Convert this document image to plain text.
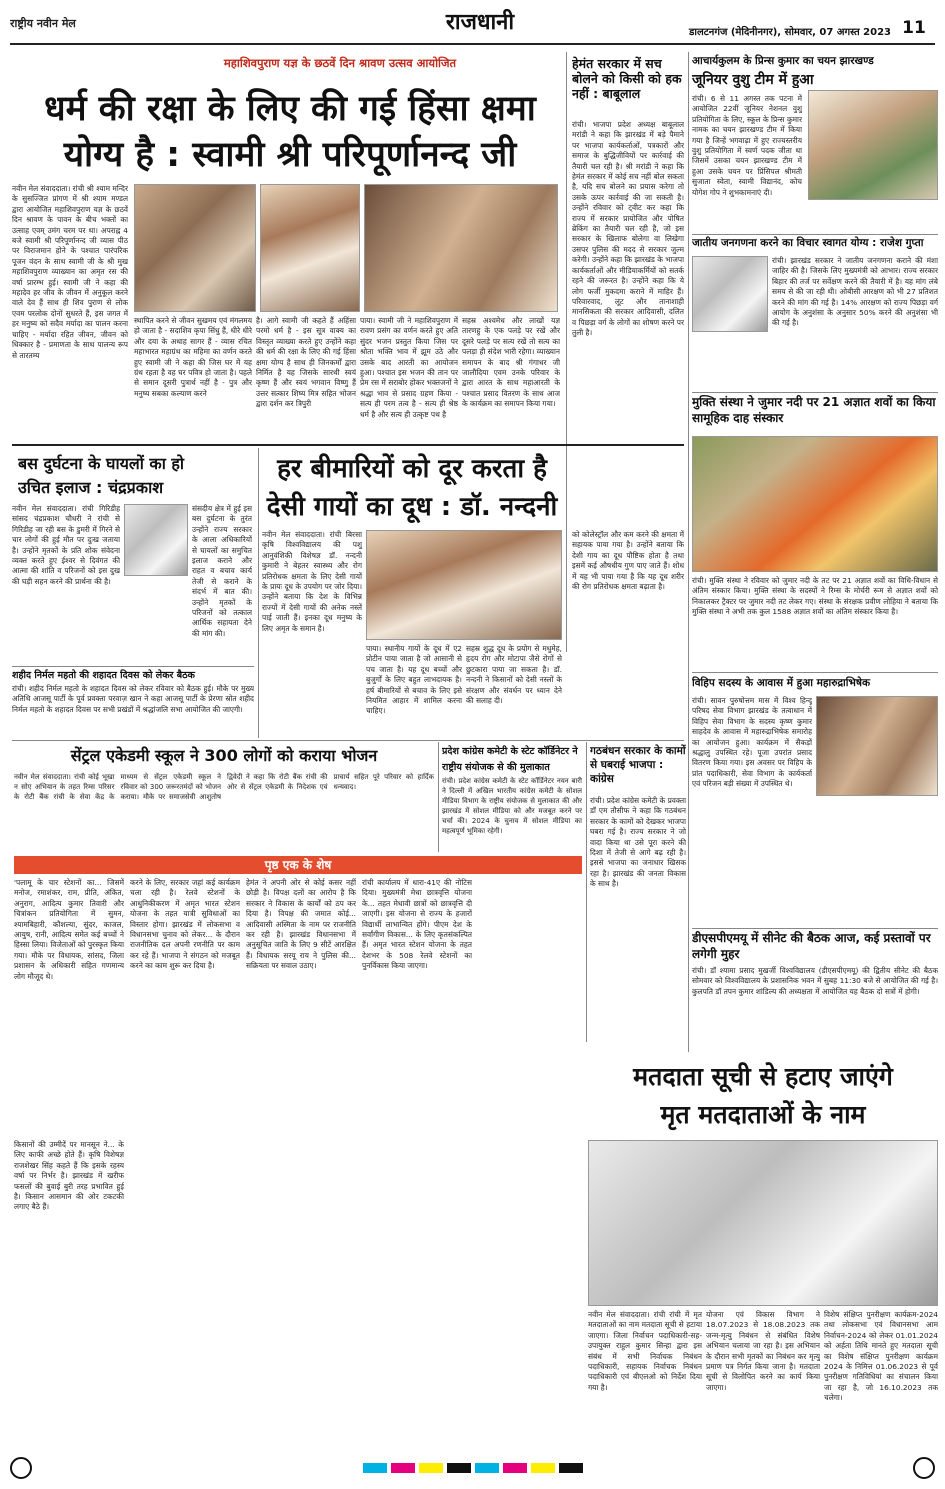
राष्ट्रीय नवीन मेल	राजधानी	डालटनगंज (मेदिनीनगर), सोमवार, 07 अगस्त 2023 11
महाशिवपुराण यज्ञ के छठवें दिन श्रावण उत्सव आयोजित
धर्म की रक्षा के लिए की गई हिंसा क्षमा
योग्य है : स्वामी श्री परिपूर्णानन्द जी
नवीन मेल संवाददाता। रांची श्री श्याम मन्दिर के सुसज्जित प्रांगण में श्री श्याम मण्डल द्वारा आयोजित महाशिवपुराण यज्ञ के छठवें दिन श्रावण के पावन के बीच भक्तों का उत्साह एवम् उमंग चरम पर था। अपराह्न 4 बजे स्वामी श्री परिपूर्णानन्द जी व्यास पीठ पर विराजमान होने के पश्चात पारंपरिक पूजन वंदन के साथ स्वामी जी के श्री मुख महाशिवपुराण व्याख्यान का अमृत रस की वर्षा प्रारम्भ हुई। स्वामी जी ने कहा की महादेव हर जीव के जीवन में अनुकूल करने वाले देव हैं साथ ही शिव पुराण से लोक एवम परलोक दोनों सुधरते हैं, इस जगत में हर मनुष्य को सदैव मर्यादा का पालन करना चाहिए - मर्यादा रहित जीवन, जीवन को धिक्कार है - प्रमाणता के साथ पालन्य रूप से तारतम्य
स्थापित करने से जीवन सुखमय एवं मंगलमय हो जाता है - सदाशिव कृपा सिंधु हैं, धीरे धीरे और दया के अथाह सागर हैं - व्यास रचित महाभारत महाग्रंथ का महिमा का वर्णन करते हुए स्वामी जी ने कहा की जिस घर में यह ग्रंथ रहता है वह घर पवित्र हो जाता है। पहले से समान दूसरी पुत्रार्थ नहीं है - पुत्र और मनुष्य सबका कल्याण करने
है। आगे स्वामी जी कहते हैं अहिंसा परमो धर्म है - इस सूत्र वाक्य का विस्तृत व्याख्या करते हुए उन्होंने कहा की धर्म की रक्षा के लिए की गई हिंसा क्षमा योग्य है साथ ही जिनकर्मों द्वारा निर्मित है यह जिसके सारथी स्वयं कृष्ण हैं और स्वयं भगवान विष्णु हैं उत्तर सत्कार शिष्य मित्र सहित भोजन द्वारा दर्शन कर त्रिपुरी
पाया। स्वामी जी ने महाशिवपुराण में रावण प्रसंग का वर्णन करते हुए अति सुंदर भजन प्रस्तुत किया जिस पर श्रोता भक्ति भाव में झूम उठे और उसके बाद आरती का आयोजन हुआ। पश्चात इस भजन की तान पर प्रेम रस में सराबोर होकर भक्तजनों ने श्रद्धा भाव से प्रसाद ग्रहण किया - सत्य ही परम तत्व है - सत्य ही श्रेष्ठ धर्म है और सत्य ही उत्कृष्ट पथ है
सहस्र अश्वमेध और लाखों यज्ञ तारणहु के एक पलड़े पर रखें और दूसरे पलड़े पर सत्य रखें तो सत्य का पलड़ा ही संदेश भारी रहेगा। व्याख्यान समापन के बाद श्री गंगाधर जी जालौदिया एवम उनके परिवार के द्वारा आरत के साथ महाआरती के पश्चात प्रसाद वितरण के साथ आज के कार्यक्रम का समापन किया गया।
हेमंत सरकार में सच बोलने को किसी को हक नहीं : बाबूलाल
रांची। भाजपा प्रदेश अध्यक्ष बाबूलाल मरांडी ने कहा कि झारखंड में बड़े पैमाने पर भाजपा कार्यकर्ताओं, पत्रकारों और समाज के बुद्धिजीवियों पर कार्रवाई की तैयारी चल रही है। श्री मरांडी ने कहा कि हेमंत सरकार में कोई सच नहीं बोल सकता है, यदि सच बोलने का प्रयास करेगा तो उसके ऊपर कार्रवाई की जा सकती है। उन्होंने रविवार को ट्वीट कर कहा कि राज्य में सरकार प्रायोजित और पोषित ब्रेकिंग का तैयारी चल रही है, जो इस सरकार के खिलाफ बोलेगा वा लिखेगा उसपर पुलिस की मदद से सरकार जुल्म करेगी। उन्होंने कहा कि झारखंड के भाजपा कार्यकर्ताओं और मीडियाकर्मियों को सतर्क रहने की जरूरत है। उन्होंने कहा कि ये लोग फर्जी मुकदमा कराने में माहिर हैं। परिवारवाद, लूट और तानाशाही मानसिकता की सरकार आदिवासी, दलित व पिछड़ा वर्ग के लोगों का शोषण करने पर तुली है।
आचार्यकुलम के प्रिन्स कुमार का चयन झारखण्ड
जूनियर वुशु टीम में हुआ
रांची। 6 से 11 अगस्त तक पटना में आयोजित 22वीं जूनियर नेशनल वुशु प्रतियोगिता के लिए, स्कूल के प्रिन्स कुमार नामक का चयन झारखण्ड टीम में किया गया है जिन्हें भगवाढ़ा में हुए राज्यस्तरीय वुशु प्रतियोगिता में स्वर्ण पदक जीता था जिसमें उसका चयन झारखण्ड टीम में हुआ उसके चयन पर प्रिंसिपल श्रीमती सुजाता स्वेता, स्वामी विद्यानंद, कोच योगेश गोप ने शुभकामनाएं दी।
जातीय जनगणना करने का विचार स्वागत योग्य : राजेश गुप्ता
रांची। झारखंड सरकार ने जातीय जनगणना कराने की मंशा जाहिर की है। जिसके लिए मुख्यमंत्री को आभार। राज्य सरकार बिहार की तर्ज पर सर्वेक्षण करने की तैयारी में है। यह मांग लंबे समय से की जा रही थी। ओबीसी आरक्षण को भी 27 प्रतिशत करने की मांग की गई है। 14% आरक्षण को राज्य पिछड़ा वर्ग आयोग के अनुशंसा के अनुसार 50% करने की अनुशंसा भी की गई है।
मुक्ति संस्था ने जुमार नदी पर 21 अज्ञात शवों का किया सामूहिक दाह संस्कार
रांची। मुक्ति संस्था ने रविवार को जुमार नदी के तट पर 21 अज्ञात शवों का विधि-विधान से अंतिम संस्कार किया। मुक्ति संस्था के सदस्यों ने रिम्स के मोर्चरी रूम से अज्ञात शवों को निकालकर ट्रैक्टर पर जुमार नदी तट लेकर गए। संस्था के संरक्षक प्रवीण लोहिया ने बताया कि मुक्ति संस्था ने अभी तक कुल 1588 अज्ञात शवों का अंतिम संस्कार किया है।
विहिप सदस्य के आवास में हुआ महारुद्राभिषेक
रांची। सावन पुरुषोत्तम मास में विश्व हिन्दू परिषद सेवा विभाग झारखंड के तत्वाधान में विहिप सेवा विभाग के सदस्य कृष्ण कुमार साहदेव के आवास में महारुद्राभिषेक समारोह का आयोजन हुआ। कार्यक्रम में सैकड़ों श्रद्धालु उपस्थित रहे। पूजा उपरांत प्रसाद वितरण किया गया। इस अवसर पर विहिप के प्रांत पदाधिकारी, सेवा विभाग के कार्यकर्ता एवं परिजन बड़ी संख्या में उपस्थित थे।
डीएसपीएमयू में सीनेट की बैठक आज, कई प्रस्तावों पर लगेगी मुहर
रांची। डॉ श्यामा प्रसाद मुखर्जी विश्वविद्यालय (डीएसपीएमयू) की द्वितीय सीनेट की बैठक सोमवार को विश्वविद्यालय के प्रशासनिक भवन में सुबह 11:30 बजे से आयोजित की गई है। कुलपति डॉ तपन कुमार शांडिल्य की अध्यक्षता में आयोजित यह बैठक दो सत्रों में होगी।
बस दुर्घटना के घायलों का हो
उचित इलाज : चंद्रप्रकाश
नवीन मेल संवाददाता। रांची गिरिडीह सांसद चंद्रप्रकाश चौधरी ने रांची से गिरिडीह जा रही बस के डुमरी में गिरने से चार लोगों की हुई मौत पर दुःख जताया है। उन्होंने मृतकों के प्रति शोक संवेदना व्यक्त करते हुए ईश्वर से दिवंगत की आत्मा की शांति व परिजनों को इस दुख की घड़ी सहन करने की प्रार्थना की है।
संसदीय क्षेत्र में हुई इस बस दुर्घटना के तुरंत उन्होंने राज्य सरकार के आला अधिकारियों से घायलों का समुचित इलाज कराने और राहत व बचाव कार्य तेजी से कराने के संदर्भ में बात की। उन्होंने मृतकों के परिजनों को तत्काल आर्थिक सहायता देने की मांग की।
शहीद निर्मल महतो की शहादत दिवस को लेकर बैठक
रांची। शहीद निर्मल महतो के शहादत दिवस को लेकर रविवार को बैठक हुई। मौके पर मुख्य अतिथि आजसू पार्टी के पूर्व प्रवक्ता परवाज़ खान ने कहा आजसू पार्टी के प्रेरणा स्रोत शहीद निर्मल महतो के शहादत दिवस पर सभी प्रखंडों में श्रद्धांजलि सभा आयोजित की जाएगी।
हर बीमारियों को दूर करता है
देसी गायों का दूध : डॉ. नन्दनी
नवीन मेल संवाददाता। रांची बिरसा कृषि विश्वविद्यालय की पशु आनुवंशिकी विशेषज्ञ डॉ. नन्दनी कुमारी ने बेहतर स्वास्थ्य और रोग प्रतिरोधक क्षमता के लिए देसी गायों के प्रायः दूध के उपयोग पर जोर दिया। उन्होंने बताया कि देश के विभिन्न राज्यों में देसी गायों की अनेक नस्लें पाई जाती हैं। इनका दूध मनुष्य के लिए अमृत के समान है।
पाया। स्थानीय गायों के दूध में ए2 प्रोटीन पाया जाता है जो आसानी से पच जाता है। यह दूध बच्चों और बुजुर्गों के लिए बहुत लाभदायक है। हर्ष बीमारियों से बचाव के लिए इसे नियमित आहार में शामिल करना चाहिए।
सहस्र शुद्ध दूध के प्रयोग से मधुमेह, हृदय रोग और मोटापा जैसे रोगों से छुटकारा पाया जा सकता है। डॉ. नन्दनी ने किसानों को देसी नस्लों के संरक्षण और संवर्धन पर ध्यान देने की सलाह दी।
को कोलेस्ट्रॉल और कम करने की क्षमता में सहायक पाया गया है। उन्होंने बताया कि देशी गाय का दूध पौष्टिक होता है तथा इसमें कई औषधीय गुण पाए जाते हैं। शोध में यह भी पाया गया है कि यह दूध शरीर की रोग प्रतिरोधक क्षमता बढ़ाता है।
सेंट्रल एकेडमी स्कूल ने 300 लोगों को कराया भोजन
नवीन मेल संवाददाता। रांची कोई भूखा न सोए अभियान के तहत रिम्स परिसर के रोटी बैंक रांची के सेवा केंद्र के माध्यम से सेंट्रल एकेडमी स्कूल ने रविवार को 300 जरूरतमंदों को भोजन कराया। मौके पर समाजसेवी आशुतोष द्विवेदी ने कहा कि रोटी बैंक रांची की ओर से सेंट्रल एकेडमी के निदेशक एवं प्राचार्य सहित पूरे परिवार को हार्दिक धन्यवाद।
प्रदेश कांग्रेस कमेटी के स्टेट कॉर्डिनेटर ने
राष्ट्रीय संयोजक से की मुलाकात
रांची। प्रदेश कांग्रेस कमेटी के स्टेट कॉर्डिनेटर नयन बारी ने दिल्ली में अखिल भारतीय कांग्रेस कमेटी के सोशल मीडिया विभाग के राष्ट्रीय संयोजक से मुलाकात की और झारखंड में सोशल मीडिया को और मजबूत करने पर चर्चा की। 2024 के चुनाव में सोशल मीडिया का महत्वपूर्ण भूमिका रहेगी।
गठबंधन सरकार के कामों से घबराई भाजपा : कांग्रेस
रांची। प्रदेश कांग्रेस कमेटी के प्रवक्ता डॉ एम तौसीफ ने कहा कि गठबंधन सरकार के कामों को देखकर भाजपा घबरा गई है। राज्य सरकार ने जो वादा किया था उसे पूरा करने की दिशा में तेजी से आगे बढ़ रही है। इससे भाजपा का जनाधार खिसक रहा है। झारखंड की जनता विकास के साथ है।
पृष्ठ एक के शेष
'पलामू के चार स्टेशनों का... जिसमें मनोज, रमाशंकर, राम, प्रीति, अंकित, अनुराग, आदित्य कुमार तिवारी और चित्रांकन प्रतियोगिता में सुमन, श्यामबिहारी, कौशल्या, सुंदर, काजल, आयुष, रानी, आदित्य समेत कई बच्चों ने हिस्सा लिया। विजेताओं को पुरस्कृत किया गया। मौके पर विधायक, सांसद, जिला प्रशासन के अधिकारी सहित गणमान्य लोग मौजूद थे।
किसानों की उम्मीदें पर मानसून ने... के लिए काफी अच्छे होते हैं। कृषि विशेषज्ञ राजशेखर सिंह कहते हैं कि इसके रहस्य वर्षा पर निर्भर है। झारखंड में खरीफ फसलों की बुवाई बुरी तरह प्रभावित हुई है। किसान आसमान की ओर टकटकी लगाए बैठे हैं।
करने के लिए, सरकार जहां कई कार्यक्रम चला रही है। रेलवे स्टेशनों के आधुनिकीकरण में अमृत भारत स्टेशन योजना के तहत यात्री सुविधाओं का विस्तार होगा। झारखंड में लोकसभा व विधानसभा चुनाव को लेकर... के दौरान राजनीतिक दल अपनी रणनीति पर काम कर रहे हैं। भाजपा ने संगठन को मजबूत करने का काम शुरू कर दिया है।
हेमंत ने अपनी ओर से कोई कसर नहीं छोड़ी है। विपक्ष दलों का आरोप है कि सरकार ने विकास के कार्यों को ठप कर दिया है। विपक्ष की जमात कोई... आदिवासी अस्मिता के नाम पर राजनीति कर रही है। झारखंड विधानसभा में अनुसूचित जाति के लिए 9 सीटें आरक्षित हैं। विधायक सरयू राय ने पुलिस की... सक्रियता पर सवाल उठाए।
रांची कार्यालय में धारा-41ए की नोटिस दिया। मुख्यमंत्री मेधा छात्रवृत्ति योजना के... तहत मेधावी छात्रों को छात्रवृत्ति दी जाएगी। इस योजना से राज्य के हजारों विद्यार्थी लाभान्वित होंगे। पीएम देश के सर्वांगीण विकास... के लिए कृतसंकल्पित हैं। अमृत भारत स्टेशन योजना के तहत देशभर के 508 रेलवे स्टेशनों का पुनर्विकास किया जाएगा।
मतदाता सूची से हटाए जाएंगे
मृत मतदाताओं के नाम
नवीन मेल संवाददाता। रांची रांची में मृत मतदाताओं का नाम मतदाता सूची से हटाया जाएगा। जिला निर्वाचन पदाधिकारी-सह-उपायुक्त राहुल कुमार सिन्हा द्वारा इस संबंध में सभी निर्वाचक निबंधन पदाधिकारी, सहायक निर्वाचक निबंधन पदाधिकारी एवं बीएलओ को निर्देश दिया गया है।
योजना एवं विकास विभाग ने 18.07.2023 से 18.08.2023 तक जन्म-मृत्यु निबंधन से संबंधित विशेष अभियान चलाया जा रहा है। इस अभियान के दौरान सभी मृतकों का निबंधन कर मृत्यु प्रमाण पत्र निर्गत किया जाना है। मतदाता सूची से विलोपित करने का कार्य किया जाएगा।
विशेष संक्षिप्त पुनरीक्षण कार्यक्रम-2024 तथा लोकसभा एवं विधानसभा आम निर्वाचन-2024 को लेकर 01.01.2024 को अर्हता तिथि मानते हुए मतदाता सूची का विशेष संक्षिप्त पुनरीक्षण कार्यक्रम 2024 के निमित्त 01.06.2023 से पूर्व पुनरीक्षण गतिविधियां का संचालन किया जा रहा है, जो 16.10.2023 तक चलेगा।
